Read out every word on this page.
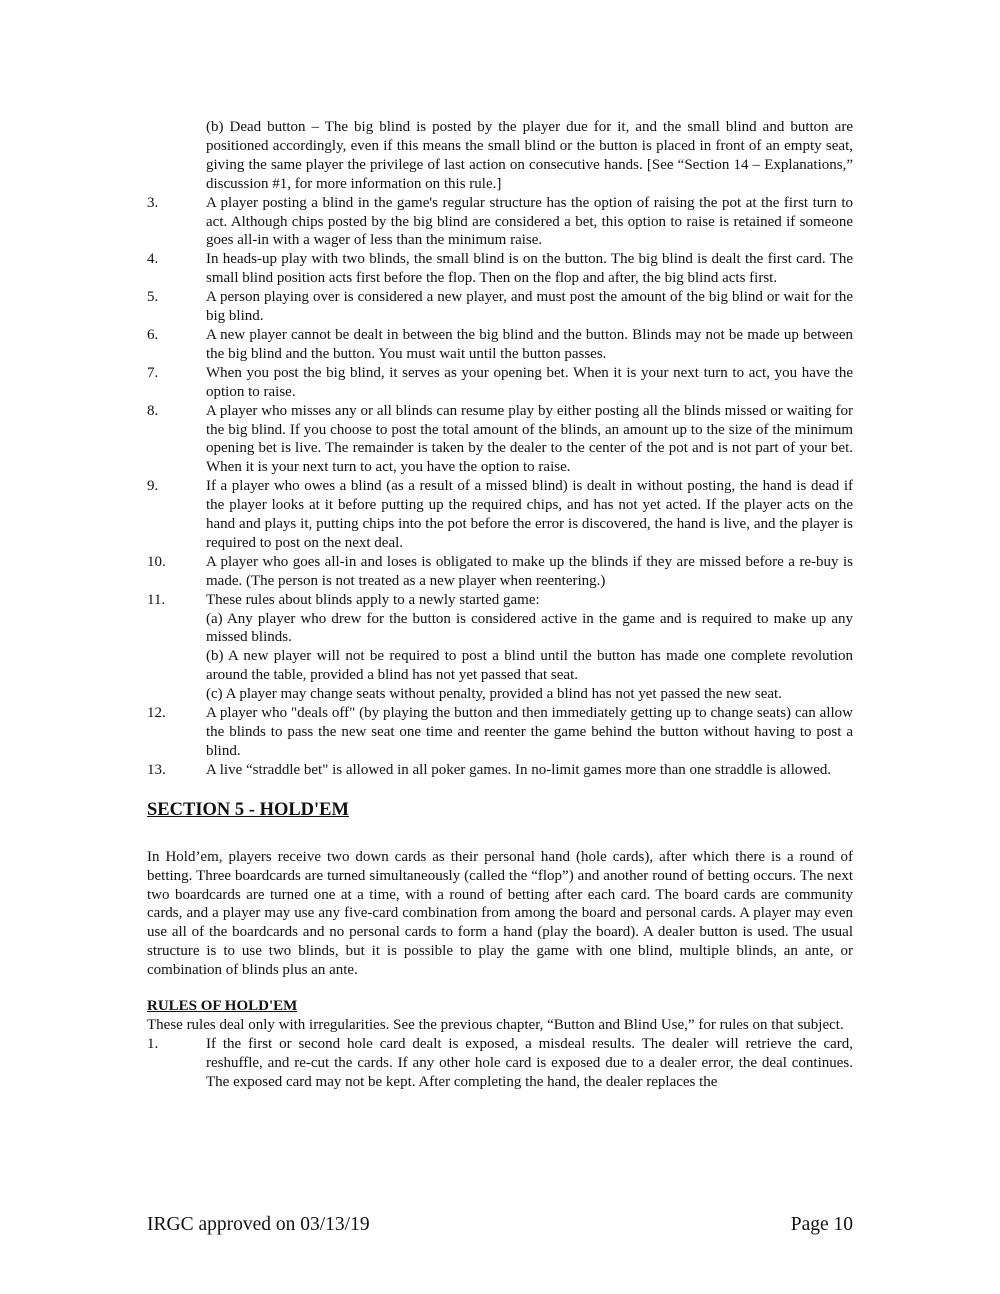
(b) Dead button – The big blind is posted by the player due for it, and the small blind and button are positioned accordingly, even if this means the small blind or the button is placed in front of an empty seat, giving the same player the privilege of last action on consecutive hands. [See “Section 14 – Explanations,” discussion #1, for more information on this rule.]
3.	A player posting a blind in the game's regular structure has the option of raising the pot at the first turn to act. Although chips posted by the big blind are considered a bet, this option to raise is retained if someone goes all-in with a wager of less than the minimum raise.
4.	In heads-up play with two blinds, the small blind is on the button. The big blind is dealt the first card. The small blind position acts first before the flop. Then on the flop and after, the big blind acts first.
5.	A person playing over is considered a new player, and must post the amount of the big blind or wait for the big blind.
6.	A new player cannot be dealt in between the big blind and the button. Blinds may not be made up between the big blind and the button. You must wait until the button passes.
7.	When you post the big blind, it serves as your opening bet. When it is your next turn to act, you have the option to raise.
8.	A player who misses any or all blinds can resume play by either posting all the blinds missed or waiting for the big blind. If you choose to post the total amount of the blinds, an amount up to the size of the minimum opening bet is live. The remainder is taken by the dealer to the center of the pot and is not part of your bet. When it is your next turn to act, you have the option to raise.
9.	If a player who owes a blind (as a result of a missed blind) is dealt in without posting, the hand is dead if the player looks at it before putting up the required chips, and has not yet acted. If the player acts on the hand and plays it, putting chips into the pot before the error is discovered, the hand is live, and the player is required to post on the next deal.
10.	A player who goes all-in and loses is obligated to make up the blinds if they are missed before a re-buy is made. (The person is not treated as a new player when reentering.)
11.	These rules about blinds apply to a newly started game:
(a) Any player who drew for the button is considered active in the game and is required to make up any missed blinds.
(b) A new player will not be required to post a blind until the button has made one complete revolution around the table, provided a blind has not yet passed that seat.
(c) A player may change seats without penalty, provided a blind has not yet passed the new seat.
12.	A player who "deals off" (by playing the button and then immediately getting up to change seats) can allow the blinds to pass the new seat one time and reenter the game behind the button without having to post a blind.
13.	A live “straddle bet" is allowed in all poker games. In no-limit games more than one straddle is allowed.
SECTION 5 - HOLD'EM
In Hold’em, players receive two down cards as their personal hand (hole cards), after which there is a round of betting. Three boardcards are turned simultaneously (called the “flop”) and another round of betting occurs. The next two boardcards are turned one at a time, with a round of betting after each card. The board cards are community cards, and a player may use any five-card combination from among the board and personal cards. A player may even use all of the boardcards and no personal cards to form a hand (play the board). A dealer button is used. The usual structure is to use two blinds, but it is possible to play the game with one blind, multiple blinds, an ante, or combination of blinds plus an ante.
RULES OF HOLD'EM
These rules deal only with irregularities. See the previous chapter, “Button and Blind Use,” for rules on that subject.
1.	If the first or second hole card dealt is exposed, a misdeal results. The dealer will retrieve the card, reshuffle, and re-cut the cards. If any other hole card is exposed due to a dealer error, the deal continues. The exposed card may not be kept. After completing the hand, the dealer replaces the
IRGC approved on 03/13/19	Page 10
